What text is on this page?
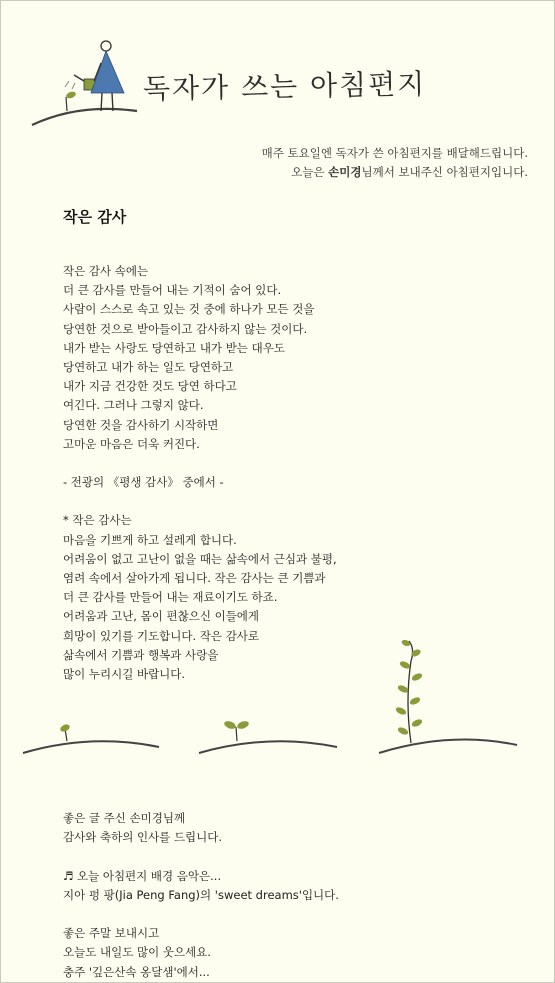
독자가 쓰는 아침편지
매주 토요일엔 독자가 쓴 아침편지를 배달해드립니다.
오늘은 손미경님께서 보내주신 아침편지입니다.
작은 감사
작은 감사 속에는
더 큰 감사를 만들어 내는 기적이 숨어 있다.
사람이 스스로 속고 있는 것 중에 하나가 모든 것을
당연한 것으로 받아들이고 감사하지 않는 것이다.
내가 받는 사랑도 당연하고 내가 받는 대우도
당연하고 내가 하는 일도 당연하고
내가 지금 건강한 것도 당연 하다고
여긴다. 그러나 그렇지 않다.
당연한 것을 감사하기 시작하면
고마운 마음은 더욱 커진다.
- 전광의 《평생 감사》 중에서 -
* 작은 감사는
마음을 기쁘게 하고 설레게 합니다.
어려움이 없고 고난이 없을 때는 삶속에서 근심과 불평,
염려 속에서 살아가게 됩니다. 작은 감사는 큰 기쁨과
더 큰 감사를 만들어 내는 재료이기도 하죠.
어려움과 고난, 몸이 편찮으신 이들에게
희망이 있기를 기도합니다. 작은 감사로
삶속에서 기쁨과 행복과 사랑을
많이 누리시길 바랍니다.
좋은 글 주신 손미경님께
감사와 축하의 인사를 드립니다.
♬ 오늘 아침편지 배경 음악은...
지아 펑 팡(Jia Peng Fang)의 'sweet dreams'입니다.
좋은 주말 보내시고
오늘도 내일도 많이 웃으세요.
충주 '깊은산속 옹달샘'에서...
